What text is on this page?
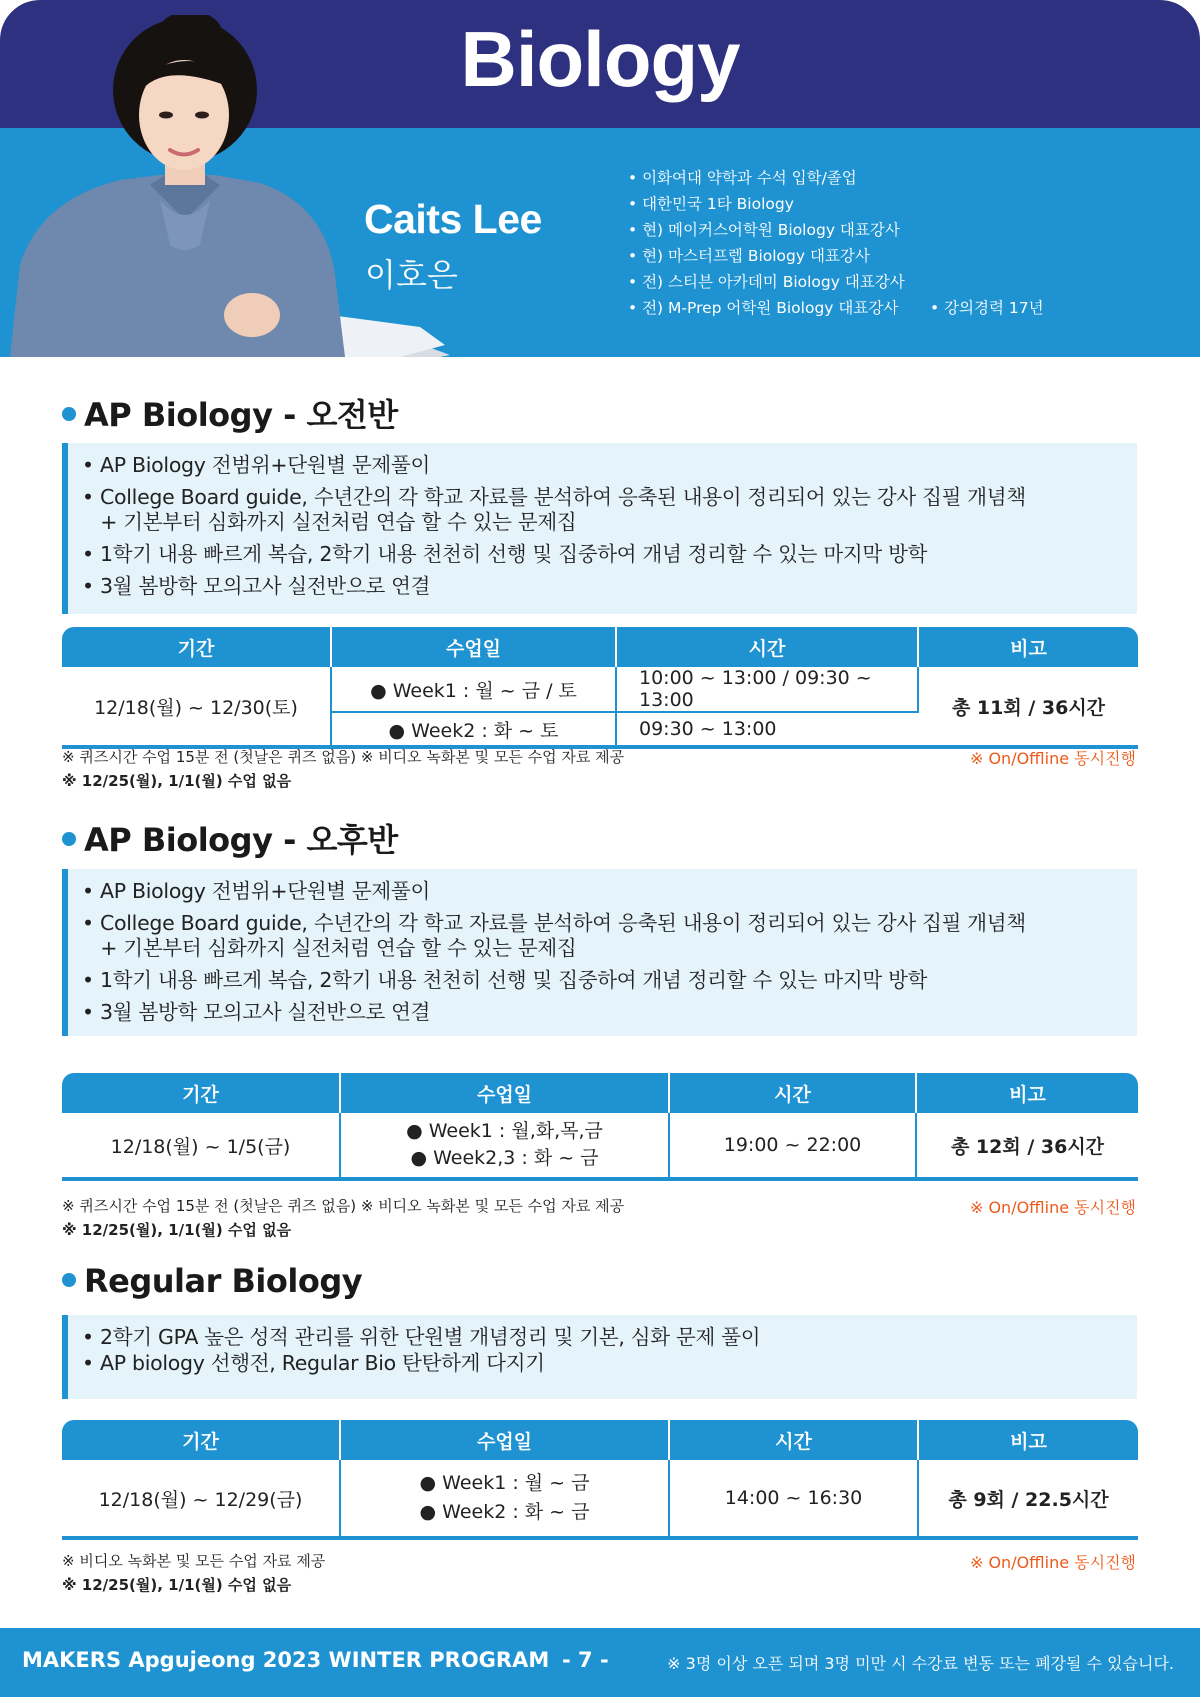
Biology
Caits Lee
이호은
• 이화여대 약학과 수석 입학/졸업
• 대한민국 1타 Biology
• 현) 메이커스어학원 Biology 대표강사
• 현) 마스터프렙 Biology 대표강사
• 전) 스티븐 아카데미 Biology 대표강사
• 전) M-Prep 어학원 Biology 대표강사	• 강의경력 17년
AP Biology - 오전반
• AP Biology 전범위+단원별 문제풀이
• College Board guide, 수년간의 각 학교 자료를 분석하여 응축된 내용이 정리되어 있는 강사 집필 개념책
+ 기본부터 심화까지 실전처럼 연습 할 수 있는 문제집
• 1학기 내용 빠르게 복습, 2학기 내용 천천히 선행 및 집중하여 개념 정리할 수 있는 마지막 방학
• 3월 봄방학 모의고사 실전반으로 연결
기간	수업일	시간	비고
12/18(월) ~ 12/30(토)	● Week1 : 월 ~ 금 / 토	10:00 ~ 13:00 / 09:30 ~ 13:00	총 11회 / 36시간
	● Week2 : 화 ~ 토	09:30 ~ 13:00	
※ 퀴즈시간 수업 15분 전 (첫날은 퀴즈 없음) ※ 비디오 녹화본 및 모든 수업 자료 제공
※ 12/25(월), 1/1(월) 수업 없음
※ On/Offline 동시진행
AP Biology - 오후반
• AP Biology 전범위+단원별 문제풀이
• College Board guide, 수년간의 각 학교 자료를 분석하여 응축된 내용이 정리되어 있는 강사 집필 개념책
+ 기본부터 심화까지 실전처럼 연습 할 수 있는 문제집
• 1학기 내용 빠르게 복습, 2학기 내용 천천히 선행 및 집중하여 개념 정리할 수 있는 마지막 방학
• 3월 봄방학 모의고사 실전반으로 연결
기간	수업일	시간	비고
12/18(월) ~ 1/5(금)	● Week1 : 월,화,목,금
● Week2,3 : 화 ~ 금	19:00 ~ 22:00	총 12회 / 36시간
※ 퀴즈시간 수업 15분 전 (첫날은 퀴즈 없음) ※ 비디오 녹화본 및 모든 수업 자료 제공
※ 12/25(월), 1/1(월) 수업 없음
※ On/Offline 동시진행
Regular Biology
• 2학기 GPA 높은 성적 관리를 위한 단원별 개념정리 및 기본, 심화 문제 풀이
• AP biology 선행전, Regular Bio 탄탄하게 다지기
기간	수업일	시간	비고
12/18(월) ~ 12/29(금)	● Week1 : 월 ~ 금
● Week2 : 화 ~ 금	14:00 ~ 16:30	총 9회 / 22.5시간
※ 비디오 녹화본 및 모든 수업 자료 제공
※ 12/25(월), 1/1(월) 수업 없음
※ On/Offline 동시진행
MAKERS Apgujeong 2023 WINTER PROGRAM - 7 -	※ 3명 이상 오픈 되며 3명 미만 시 수강료 변동 또는 폐강될 수 있습니다.
